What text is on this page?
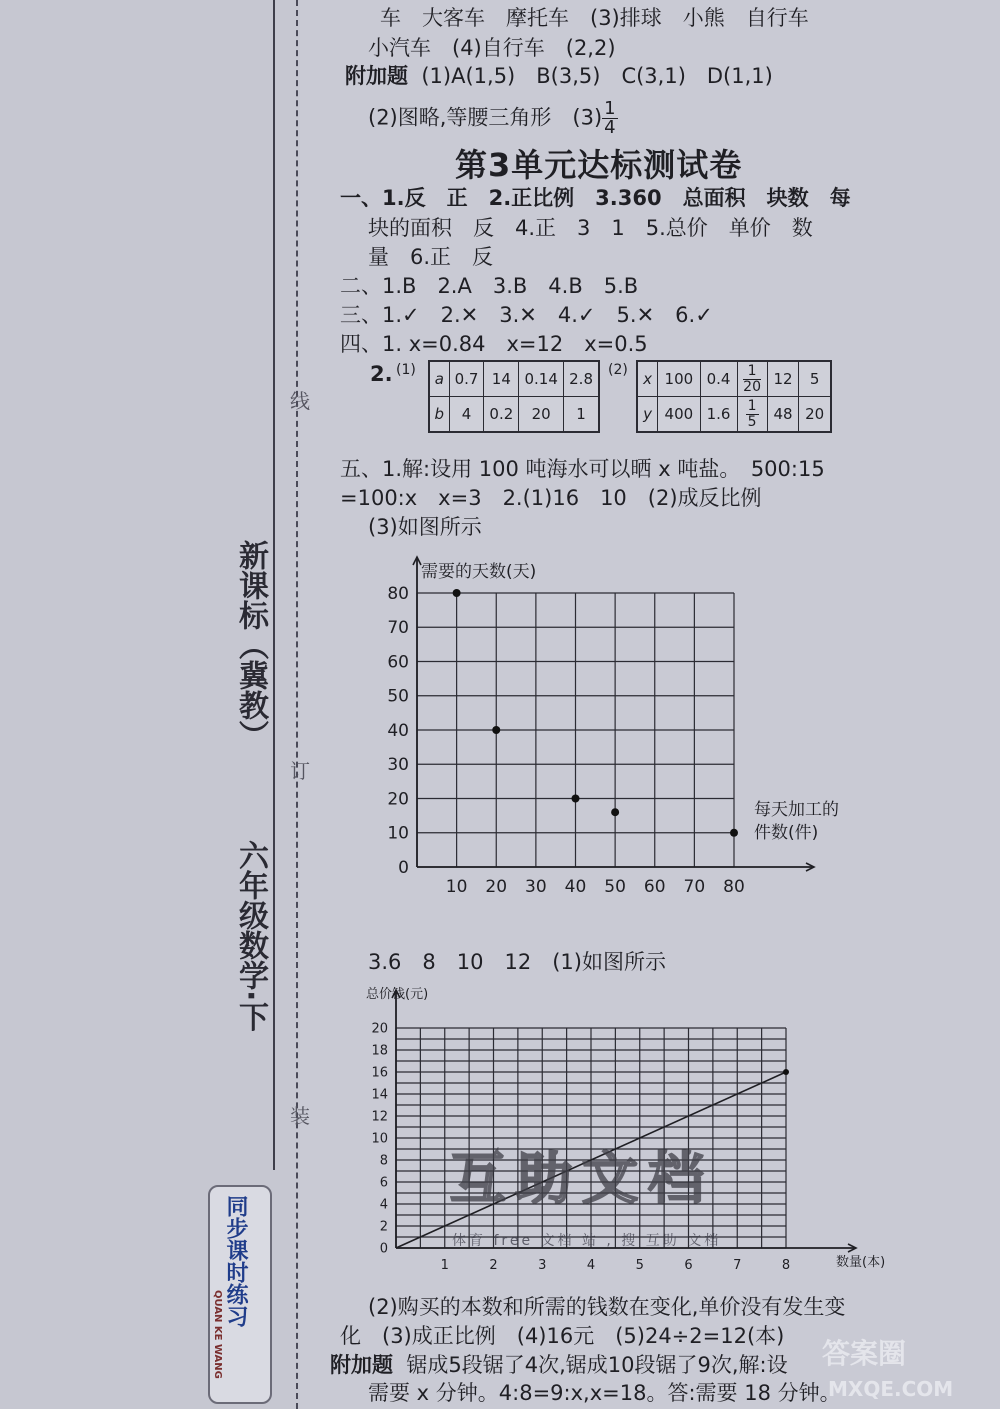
线
订
装
新课标（冀教）
六年级数学·下
同步课时练习
QUAN KE WANG
车　大客车　摩托车　(3)排球　小熊　自行车
小汽车　(4)自行车　(2,2)
附加题 (1)A(1,5)　B(3,5)　C(3,1)　D(1,1)
(2)图略,等腰三角形　$(3) \frac{1}{4}$
第3单元达标测试卷
一、1.反　正　2.正比例　3.360　总面积　块数　每
块的面积　反　4.正　3　1　5.总价　单价　数
量　6.正　反
二、1.B　2.A　3.B　4.B　5.B
三、1.✓　2.✕　3.✕　4.✓　5.✕　6.✓
四、1. x=0.84　x=12　x=0.5
2. (1)	(2)
a	0.7	14	0.14	2.8
b	4	0.2	20	1
x	100	0.4	$\frac{1}{20}$	12	5
y	400	1.6	$\frac{1}{5}$	48	20
五、1.解:设用 100 吨海水可以晒 x 吨盐。　500:15
=100:x　x=3　2.(1)16　10　(2)成反比例
(3)如图所示
0
10
20
30
40
50
60
70
80
10 20 30 40 50 60 70 80
需要的天数(天)
每天加工的
件数(件)
3.6　8　10　12　(1)如图所示
0
2
4
6
8
10
12
14
16
18
20
1	2	3	4	5	6	7	8
总价钱(元)
数量(本)
互助文档
体育 free 文档 站 , 搜 互助 文档
(2)购买的本数和所需的钱数在变化,单价没有发生变
化　(3)成正比例　(4)16元　(5)24÷2=12(本)
附加题 锯成5段锯了4次,锯成10段锯了9次,解:设
需要 x 分钟。4:8=9:x,x=18。答:需要 18 分钟。
答案圈
MXQE.COM
